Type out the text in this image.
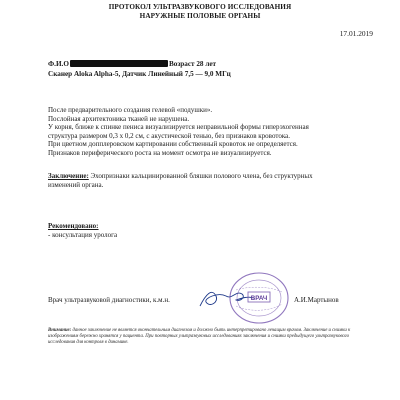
ПРОТОКОЛ УЛЬТРАЗВУКОВОГО ИССЛЕДОВАНИЯ
НАРУЖНЫЕ ПОЛОВЫЕ ОРГАНЫ
17.01.2019
Ф.И.О	Возраст 28 лет
Сканер Aloka Alpha-5, Датчик Линейный 7,5 — 9,0 МГц
После предварительного создания гелевой «подушки».
Послойная архитектоника тканей не нарушена.
У корня, ближе к спинке пениса визуализируется неправильной формы гиперэхогенная
структура размером 0,3 х 0,2 см, с акустической тенью, без признаков кровотока.
При цветном допплеровском картировании собственный кровоток не определяется.
Признаков периферического роста на момент осмотра не визуализируется.
Заключение: Эхопризнаки кальцинированной бляшки полового члена, без структурных
изменений органа.
Рекомендовано:
- консультация уролога
Врач ультразвуковой диагностики, к.м.н.	А.И.Мартынов
ВРАЧ
Внимание: данное заключение не является окончательным диагнозом и должно быть интерпретировано лечащим врачом. Заключение и снимки к изображениям бережно хранятся у пациента. При повторных ультразвуковых исследованиях заключения и снимки предыдущего ультразвукового исследования для контроля в динамике.
